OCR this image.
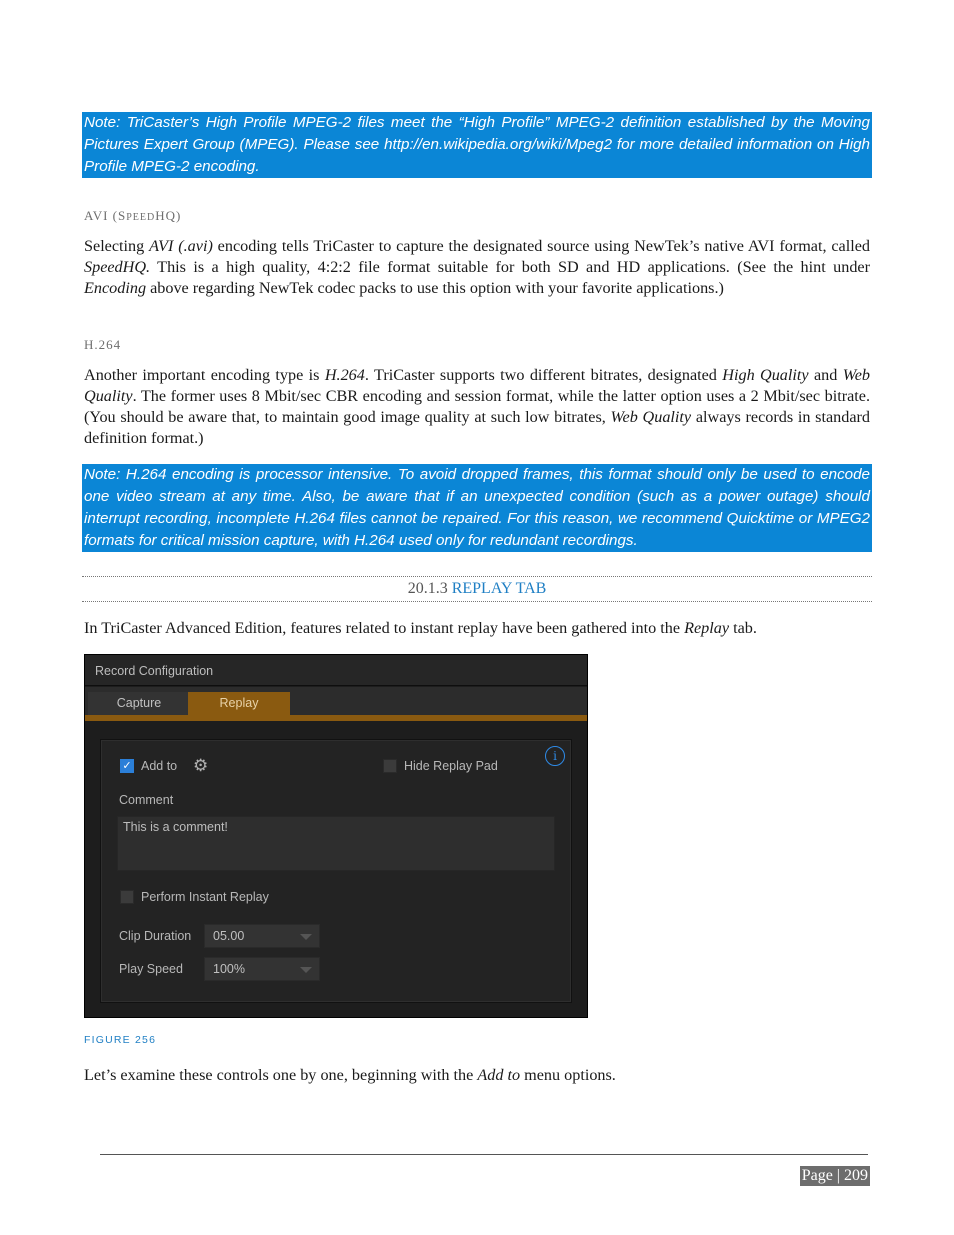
Note: TriCaster’s High Profile MPEG-2 files meet the “High Profile” MPEG-2 definition established by the Moving Pictures Expert Group (MPEG). Please see http://en.wikipedia.org/wiki/Mpeg2 for more detailed information on High Profile MPEG-2 encoding.
AVI (SPEEDHQ)

Selecting AVI (.avi) encoding tells TriCaster to capture the designated source using NewTek’s native AVI format, called SpeedHQ. This is a high quality, 4:2:2 file format suitable for both SD and HD applications. (See the hint under Encoding above regarding NewTek codec packs to use this option with your favorite applications.)

H.264

Another important encoding type is H.264. TriCaster supports two different bitrates, designated High Quality and Web Quality. The former uses 8 Mbit/sec CBR encoding and session format, while the latter option uses a 2 Mbit/sec bitrate. (You should be aware that, to maintain good image quality at such low bitrates, Web Quality always records in standard definition format.)

Note: H.264 encoding is processor intensive. To avoid dropped frames, this format should only be used to encode one video stream at any time. Also, be aware that if an unexpected condition (such as a power outage) should interrupt recording, incomplete H.264 files cannot be repaired. For this reason, we recommend Quicktime or MPEG2 formats for critical mission capture, with H.264 used only for redundant recordings.
20.1.3 REPLAY TAB

In TriCaster Advanced Edition, features related to instant replay have been gathered into the Replay tab.

Record Configuration
Capture	Replay
✓ Add to ⚙	Hide Replay Pad
i
Comment
This is a comment!
Perform Instant Replay
Clip Duration	05.00
Play Speed	100%
FIGURE 256

Let’s examine these controls one by one, beginning with the Add to menu options.

Page | 209
